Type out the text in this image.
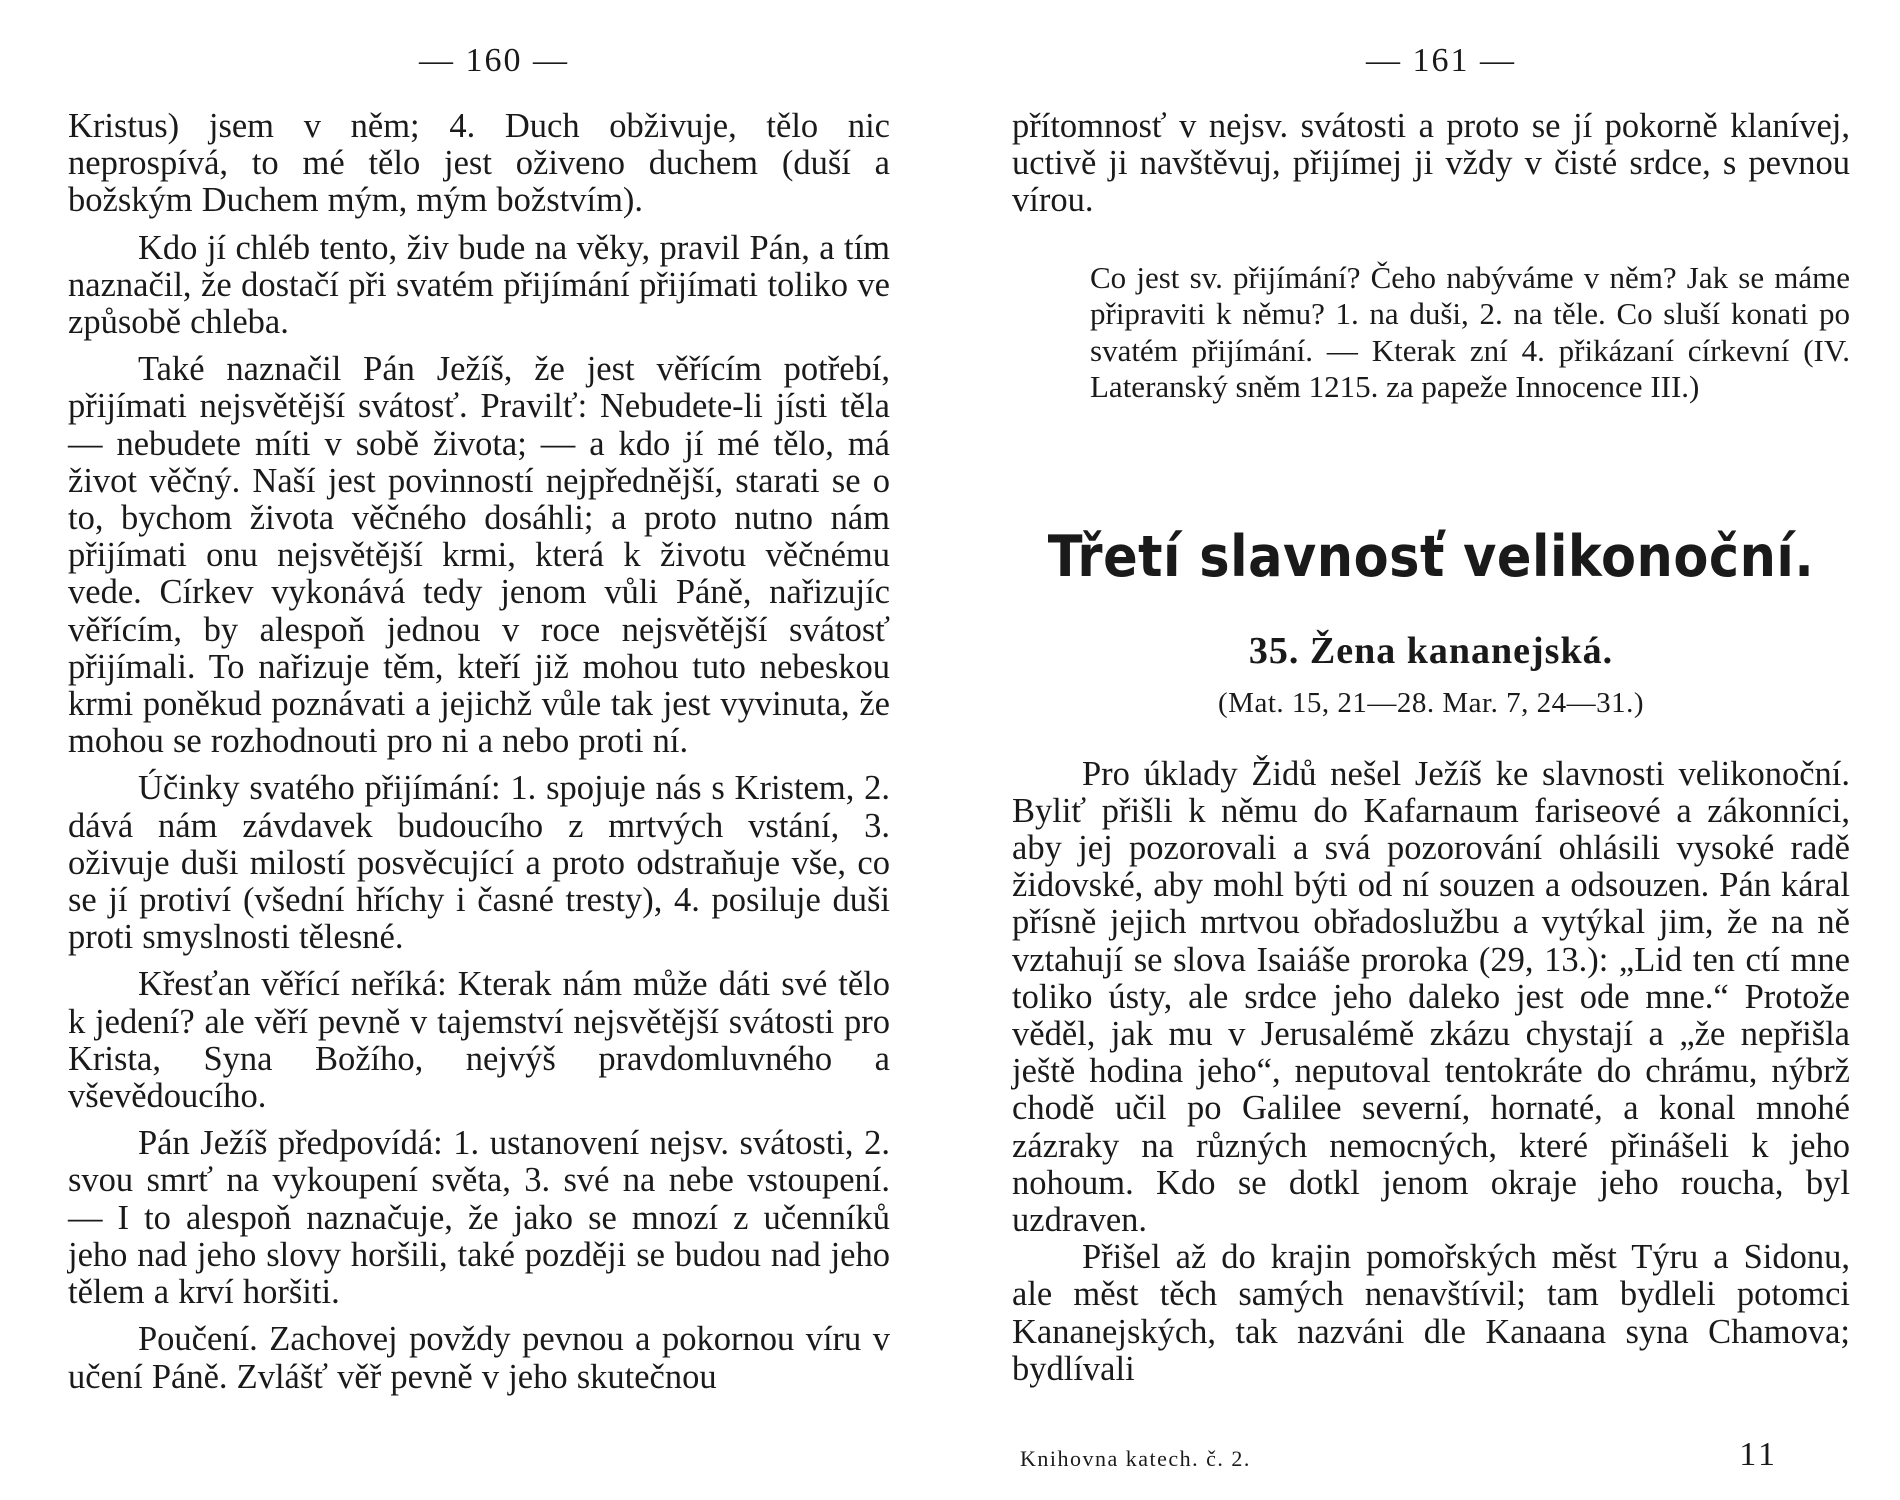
— 160 —

Kristus) jsem v něm; 4. Duch obživuje, tělo nic neprospívá, to mé tělo jest oživeno duchem (duší a božským Duchem mým, mým božstvím).

Kdo jí chléb tento, živ bude na věky, pravil Pán, a tím naznačil, že dostačí při svatém přijímání přijímati toliko ve způsobě chleba.

Také naznačil Pán Ježíš, že jest věřícím potřebí, přijímati nejsvětější svátosť. Pravilť: Nebudete-li jísti těla — nebudete míti v sobě života; — a kdo jí mé tělo, má život věčný. Naší jest povinností nejpřednější, starati se o to, bychom života věčného dosáhli; a proto nutno nám přijímati onu nejsvětější krmi, která k životu věčnému vede. Církev vykonává tedy jenom vůli Páně, nařizujíc věřícím, by alespoň jednou v roce nejsvětější svátosť přijímali. To nařizuje těm, kteří již mohou tuto nebeskou krmi poněkud poznávati a jejichž vůle tak jest vyvinuta, že mohou se rozhodnouti pro ni a nebo proti ní.

Účinky svatého přijímání: 1. spojuje nás s Kristem, 2. dává nám závdavek budoucího z mrtvých vstání, 3. oživuje duši milostí posvěcující a proto odstraňuje vše, co se jí protiví (všední hříchy i časné tresty), 4. posiluje duši proti smyslnosti tělesné.

Křesťan věřící neříká: Kterak nám může dáti své tělo k jedení? ale věří pevně v tajemství nejsvětější svátosti pro Krista, Syna Božího, nejvýš pravdomluvného a vševědoucího.

Pán Ježíš předpovídá: 1. ustanovení nejsv. svátosti, 2. svou smrť na vykoupení světa, 3. své na nebe vstoupení. — I to alespoň naznačuje, že jako se mnozí z učenníků jeho nad jeho slovy horšili, také později se budou nad jeho tělem a krví horšiti.

Poučení. Zachovej povždy pevnou a pokornou víru v učení Páně. Zvlášť věř pevně v jeho skutečnou

— 161 —

přítomnosť v nejsv. svátosti a proto se jí pokorně klanívej, uctivě ji navštěvuj, přijímej ji vždy v čisté srdce, s pevnou vírou.

Co jest sv. přijímání? Čeho nabýváme v něm? Jak se máme připraviti k němu? 1. na duši, 2. na těle. Co sluší konati po svatém přijímání. — Kterak zní 4. přikázaní církevní (IV. Lateranský sněm 1215. za papeže Innocence III.)

Třetí slavnosť velikonoční.
35. Žena kananejská.
(Mat. 15, 21—28. Mar. 7, 24—31.)

Pro úklady Židů nešel Ježíš ke slavnosti velikonoční. Byliť přišli k němu do Kafarnaum fariseové a zákonníci, aby jej pozorovali a svá pozorování ohlásili vysoké radě židovské, aby mohl býti od ní souzen a odsouzen. Pán káral přísně jejich mrtvou obřadoslužbu a vytýkal jim, že na ně vztahují se slova Isaiáše proroka (29, 13.): „Lid ten ctí mne toliko ústy, ale srdce jeho daleko jest ode mne.“ Protože věděl, jak mu v Jerusalémě zkázu chystají a „že nepřišla ještě hodina jeho“, neputoval tentokráte do chrámu, nýbrž chodě učil po Galilee severní, hornaté, a konal mnohé zázraky na různých nemocných, které přinášeli k jeho nohoum. Kdo se dotkl jenom okraje jeho roucha, byl uzdraven.

Přišel až do krajin pomořských měst Týru a Sidonu, ale měst těch samých nenavštívil; tam bydleli potomci Kananejských, tak nazváni dle Kanaana syna Chamova; bydlívali

Knihovna katech. č. 2.	11
